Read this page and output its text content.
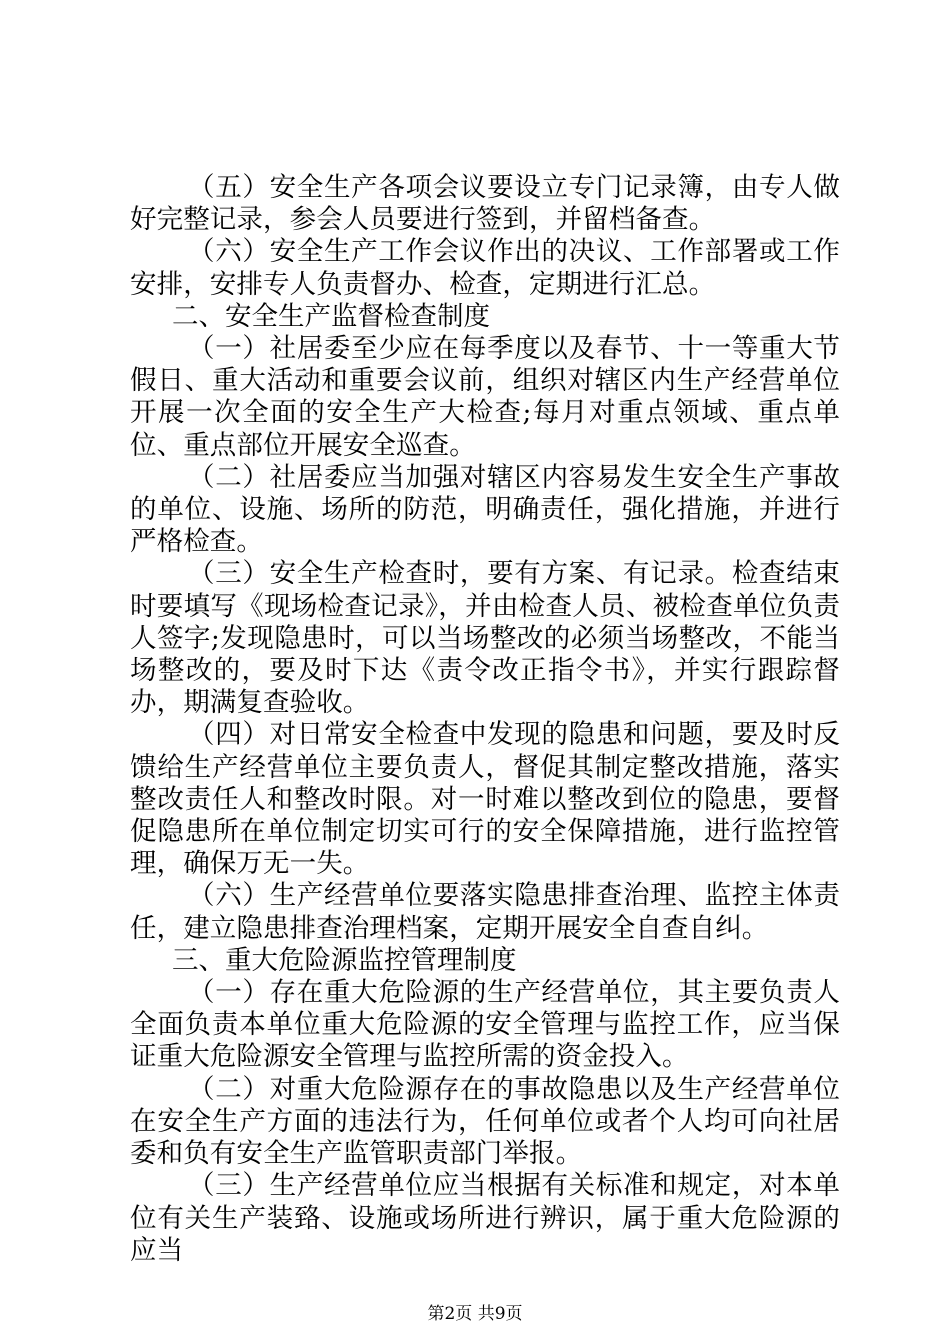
（五）安全生产各项会议要设立专门记录簿，由专人做好完整记录，参会人员要进行签到，并留档备查。

（六）安全生产工作会议作出的决议、工作部署或工作安排，安排专人负责督办、检查，定期进行汇总。

二、安全生产监督检查制度

（一）社居委至少应在每季度以及春节、十一等重大节假日、重大活动和重要会议前，组织对辖区内生产经营单位开展一次全面的安全生产大检查;每月对重点领域、重点单位、重点部位开展安全巡查。

（二）社居委应当加强对辖区内容易发生安全生产事故的单位、设施、场所的防范，明确责任，强化措施，并进行严格检查。

（三）安全生产检查时，要有方案、有记录。检查结束时要填写《现场检查记录》，并由检查人员、被检查单位负责人签字;发现隐患时，可以当场整改的必须当场整改，不能当场整改的，要及时下达《责令改正指令书》，并实行跟踪督办，期满复查验收。

（四）对日常安全检查中发现的隐患和问题，要及时反馈给生产经营单位主要负责人，督促其制定整改措施，落实整改责任人和整改时限。对一时难以整改到位的隐患，要督促隐患所在单位制定切实可行的安全保障措施，进行监控管理，确保万无一失。

（六）生产经营单位要落实隐患排查治理、监控主体责任，建立隐患排查治理档案，定期开展安全自查自纠。

三、重大危险源监控管理制度

（一）存在重大危险源的生产经营单位，其主要负责人全面负责本单位重大危险源的安全管理与监控工作，应当保证重大危险源安全管理与监控所需的资金投入。

（二）对重大危险源存在的事故隐患以及生产经营单位在安全生产方面的违法行为，任何单位或者个人均可向社居委和负有安全生产监管职责部门举报。

（三）生产经营单位应当根据有关标准和规定，对本单位有关生产装臵、设施或场所进行辨识，属于重大危险源的应当

第2页 共9页
